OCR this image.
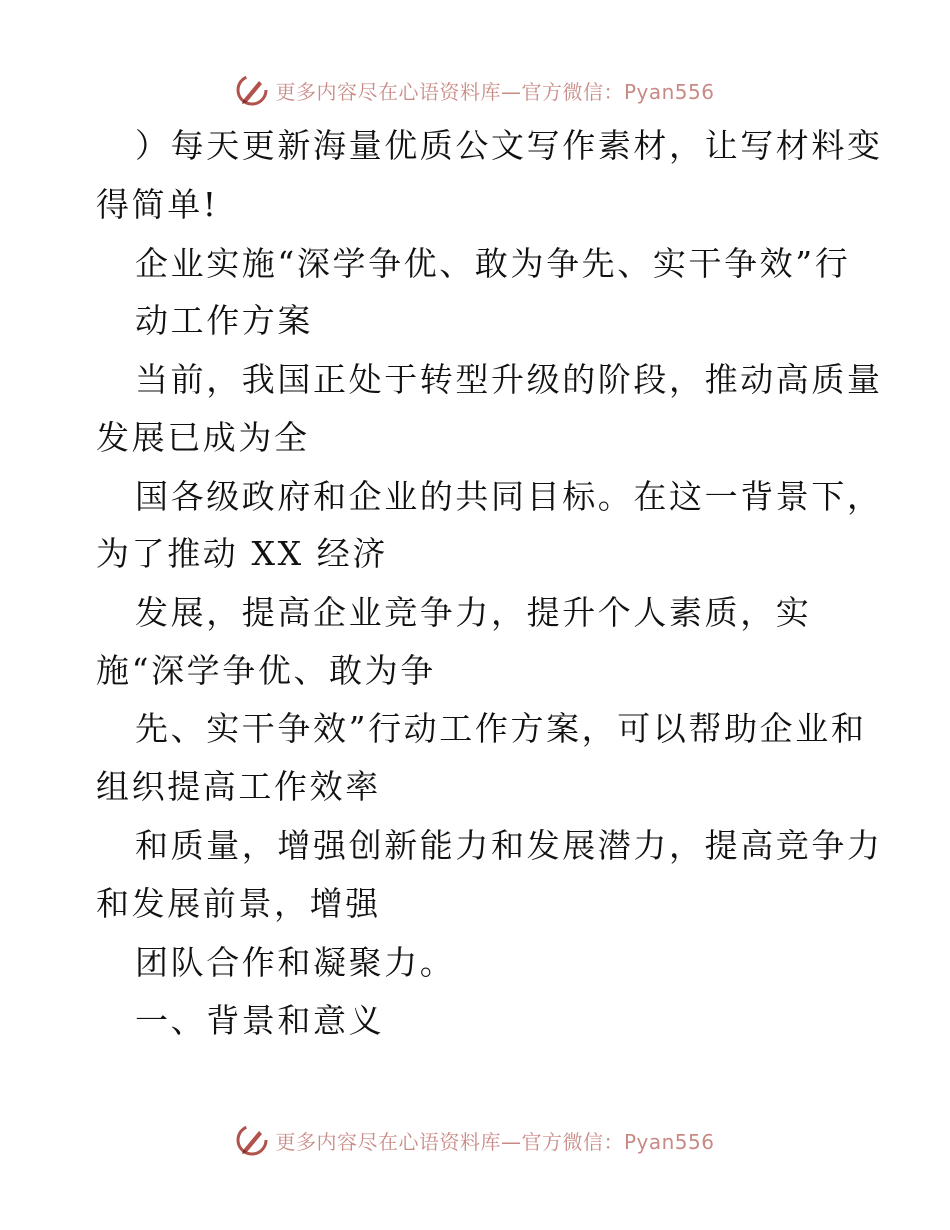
更多内容尽在心语资料库—官方微信：Pyan556
）每天更新海量优质公文写作素材，让写材料变
得简单!
企业实施“深学争优、敢为争先、实干争效”行
动工作方案
当前，我国正处于转型升级的阶段，推动高质量
发展已成为全
国各级政府和企业的共同目标。在这一背景下，
为了推动 XX 经济
发展，提高企业竞争力，提升个人素质，实
施“深学争优、敢为争
先、实干争效”行动工作方案，可以帮助企业和
组织提高工作效率
和质量，增强创新能力和发展潜力，提高竞争力
和发展前景，增强
团队合作和凝聚力。
一、背景和意义
更多内容尽在心语资料库—官方微信：Pyan556
